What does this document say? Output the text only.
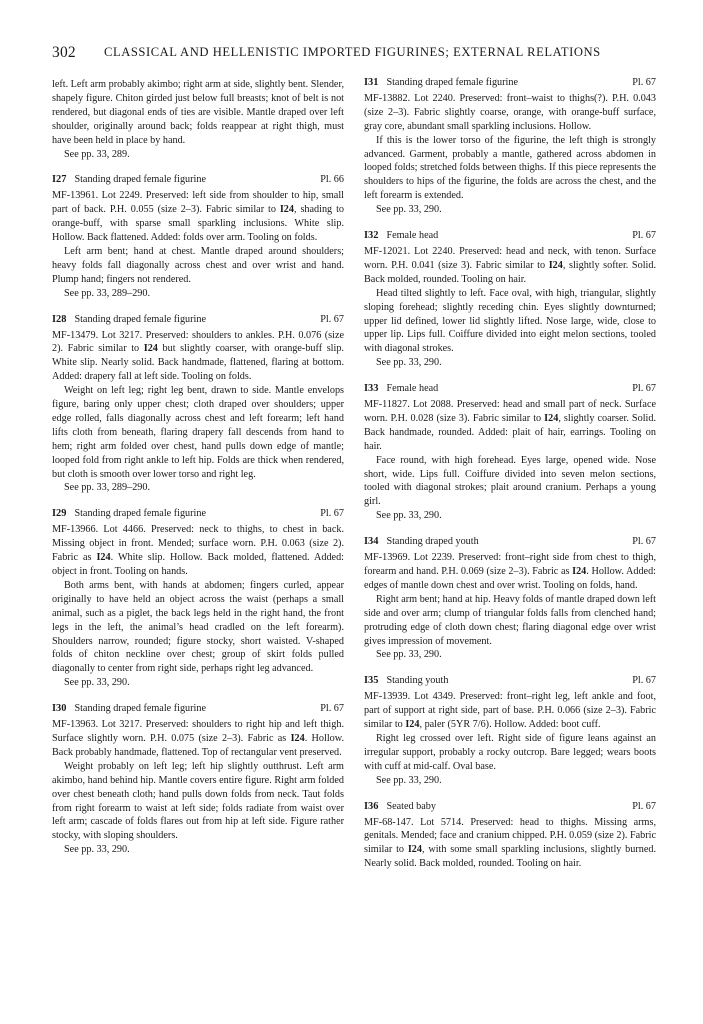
302 CLASSICAL AND HELLENISTIC IMPORTED FIGURINES; EXTERNAL RELATIONS

left. Left arm probably akimbo; right arm at side, slightly bent. Slender, shapely figure. Chiton girded just below full breasts; knot of belt is not rendered, but diagonal ends of ties are visible. Mantle draped over left shoulder, originally around back; folds reappear at right thigh, must have been held in place by hand.

See pp. 33, 289.

I27 Standing draped female figurine	Pl. 66

MF-13961. Lot 2249. Preserved: left side from shoulder to hip, small part of back. P.H. 0.055 (size 2–3). Fabric similar to I24, shading to orange-buff, with sparse small sparkling inclusions. White slip. Hollow. Back flattened. Added: folds over arm. Tooling on folds.

Left arm bent; hand at chest. Mantle draped around shoulders; heavy folds fall diagonally across chest and over wrist and hand. Plump hand; fingers not rendered.

See pp. 33, 289–290.

I28 Standing draped female figurine	Pl. 67

MF-13479. Lot 3217. Preserved: shoulders to ankles. P.H. 0.076 (size 2). Fabric similar to I24 but slightly coarser, with orange-buff slip. White slip. Nearly solid. Back handmade, flattened, flaring at bottom. Added: drapery fall at left side. Tooling on folds.

Weight on left leg; right leg bent, drawn to side. Mantle envelops figure, baring only upper chest; cloth draped over shoulders; upper edge rolled, falls diagonally across chest and left forearm; left hand lifts cloth from beneath, flaring drapery fall descends from hand to hem; right arm folded over chest, hand pulls down edge of mantle; looped fold from right ankle to left hip. Folds are thick when rendered, but cloth is smooth over lower torso and right leg.

See pp. 33, 289–290.

I29 Standing draped female figurine	Pl. 67

MF-13966. Lot 4466. Preserved: neck to thighs, to chest in back. Missing object in front. Mended; surface worn. P.H. 0.063 (size 2). Fabric as I24. White slip. Hollow. Back molded, flattened. Added: object in front. Tooling on hands.

Both arms bent, with hands at abdomen; fingers curled, appear originally to have held an object across the waist (perhaps a small animal, such as a piglet, the back legs held in the right hand, the front legs in the left, the animal’s head cradled on the left forearm). Shoulders narrow, rounded; figure stocky, short waisted. V-shaped folds of chiton neckline over chest; group of skirt folds pulled diagonally to center from right side, perhaps right leg advanced.

See pp. 33, 290.

I30 Standing draped female figurine	Pl. 67

MF-13963. Lot 3217. Preserved: shoulders to right hip and left thigh. Surface slightly worn. P.H. 0.075 (size 2–3). Fabric as I24. Hollow. Back probably handmade, flattened. Top of rectangular vent preserved.

Weight probably on left leg; left hip slightly outthrust. Left arm akimbo, hand behind hip. Mantle covers entire figure. Right arm folded over chest beneath cloth; hand pulls down folds from neck. Taut folds from right forearm to waist at left side; folds radiate from waist over left arm; cascade of folds flares out from hip at left side. Figure rather stocky, with sloping shoulders.

See pp. 33, 290.

I31 Standing draped female figurine	Pl. 67

MF-13882. Lot 2240. Preserved: front–waist to thighs(?). P.H. 0.043 (size 2–3). Fabric slightly coarse, orange, with orange-buff surface, gray core, abundant small sparkling inclusions. Hollow.

If this is the lower torso of the figurine, the left thigh is strongly advanced. Garment, probably a mantle, gathered across abdomen in looped folds; stretched folds between thighs. If this piece represents the shoulders to hips of the figurine, the folds are across the chest, and the left forearm is extended.

See pp. 33, 290.

I32 Female head	Pl. 67

MF-12021. Lot 2240. Preserved: head and neck, with tenon. Surface worn. P.H. 0.041 (size 3). Fabric similar to I24, slightly softer. Solid. Back molded, rounded. Tooling on hair.

Head tilted slightly to left. Face oval, with high, triangular, slightly sloping forehead; slightly receding chin. Eyes slightly downturned; upper lid defined, lower lid slightly lifted. Nose large, wide, close to upper lip. Lips full. Coiffure divided into eight melon sections, tooled with diagonal strokes.

See pp. 33, 290.

I33 Female head	Pl. 67

MF-11827. Lot 2088. Preserved: head and small part of neck. Surface worn. P.H. 0.028 (size 3). Fabric similar to I24, slightly coarser. Solid. Back handmade, rounded. Added: plait of hair, earrings. Tooling on hair.

Face round, with high forehead. Eyes large, opened wide. Nose short, wide. Lips full. Coiffure divided into seven melon sections, tooled with diagonal strokes; plait around cranium. Perhaps a young girl.

See pp. 33, 290.

I34 Standing draped youth	Pl. 67

MF-13969. Lot 2239. Preserved: front–right side from chest to thigh, forearm and hand. P.H. 0.069 (size 2–3). Fabric as I24. Hollow. Added: edges of mantle down chest and over wrist. Tooling on folds, hand.

Right arm bent; hand at hip. Heavy folds of mantle draped down left side and over arm; clump of triangular folds falls from clenched hand; protruding edge of cloth down chest; flaring diagonal edge over wrist gives impression of movement.

See pp. 33, 290.

I35 Standing youth	Pl. 67

MF-13939. Lot 4349. Preserved: front–right leg, left ankle and foot, part of support at right side, part of base. P.H. 0.066 (size 2–3). Fabric similar to I24, paler (5YR 7/6). Hollow. Added: boot cuff.

Right leg crossed over left. Right side of figure leans against an irregular support, probably a rocky outcrop. Bare legged; wears boots with cuff at mid-calf. Oval base.

See pp. 33, 290.

I36 Seated baby	Pl. 67

MF-68-147. Lot 5714. Preserved: head to thighs. Missing arms, genitals. Mended; face and cranium chipped. P.H. 0.059 (size 2). Fabric similar to I24, with some small sparkling inclusions, slightly burned. Nearly solid. Back molded, rounded. Tooling on hair.
